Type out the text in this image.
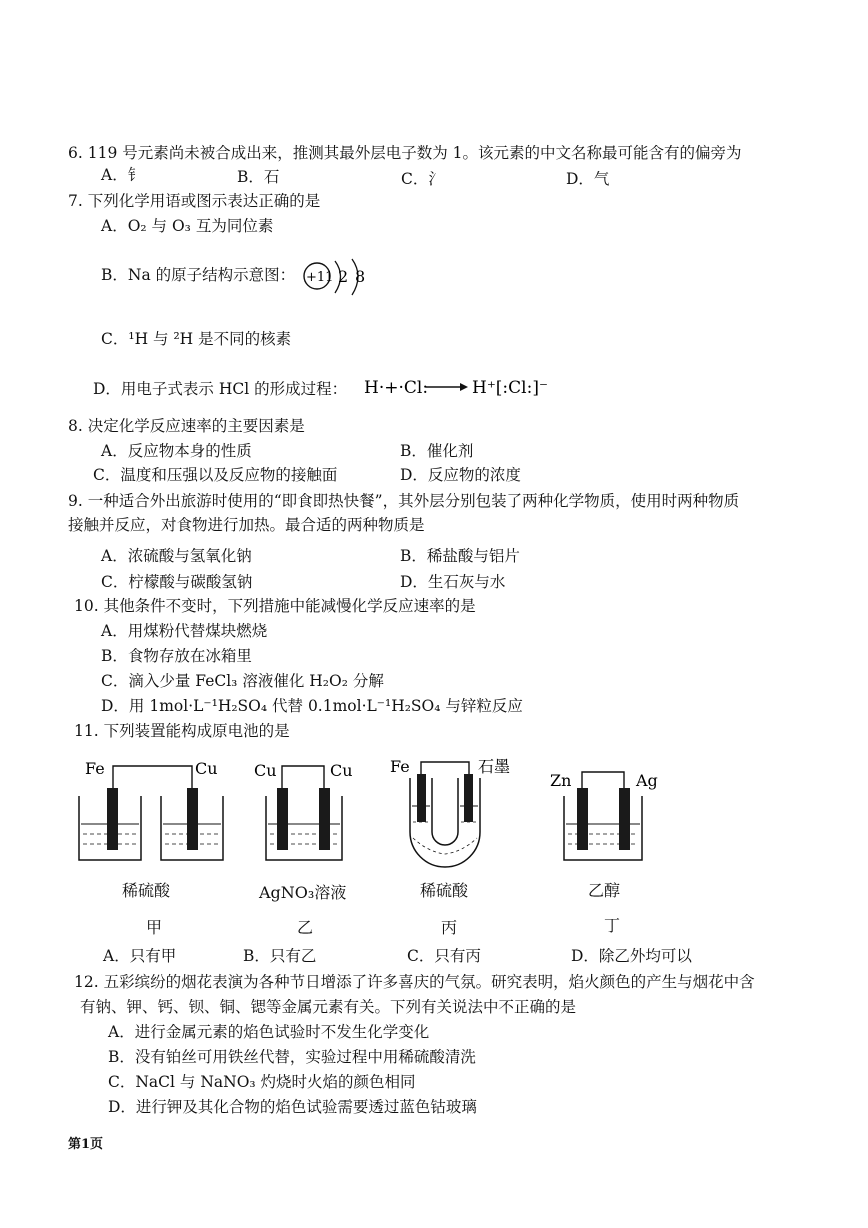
6. 119 号元素尚未被合成出来，推测其最外层电子数为 1。该元素的中文名称最可能含有的偏旁为
A．钅	B．石	C．氵	D．气
7. 下列化学用语或图示表达正确的是
A．O₂ 与 O₃ 互为同位素
B．Na 的原子结构示意图： +11 2 8
C．¹H 与 ²H 是不同的核素
D．用电子式表示 HCl 的形成过程： H·+·Cl:	H⁺[:Cl:]⁻
8. 决定化学反应速率的主要因素是
A．反应物本身的性质	B．催化剂
C．温度和压强以及反应物的接触面	D．反应物的浓度
9. 一种适合外出旅游时使用的“即食即热快餐”，其外层分别包装了两种化学物质，使用时两种物质
接触并反应，对食物进行加热。最合适的两种物质是
A．浓硫酸与氢氧化钠	B．稀盐酸与铝片
C．柠檬酸与碳酸氢钠	D．生石灰与水
10. 其他条件不变时，下列措施中能减慢化学反应速率的是
A．用煤粉代替煤块燃烧
B．食物存放在冰箱里
C．滴入少量 FeCl₃ 溶液催化 H₂O₂ 分解
D．用 1mol·L⁻¹H₂SO₄ 代替 0.1mol·L⁻¹H₂SO₄ 与锌粒反应
11. 下列装置能构成原电池的是
Fe	Cu
稀硫酸
甲
Cu	Cu
AgNO₃溶液
乙
Fe	石墨
稀硫酸
丙
Zn	Ag
乙醇
丁
A．只有甲	B．只有乙	C．只有丙	D．除乙外均可以
12. 五彩缤纷的烟花表演为各种节日增添了许多喜庆的气氛。研究表明，焰火颜色的产生与烟花中含
有钠、钾、钙、钡、铜、锶等金属元素有关。下列有关说法中不正确的是
A．进行金属元素的焰色试验时不发生化学变化
B．没有铂丝可用铁丝代替，实验过程中用稀硫酸清洗
C．NaCl 与 NaNO₃ 灼烧时火焰的颜色相同
D．进行钾及其化合物的焰色试验需要透过蓝色钴玻璃
第1页
